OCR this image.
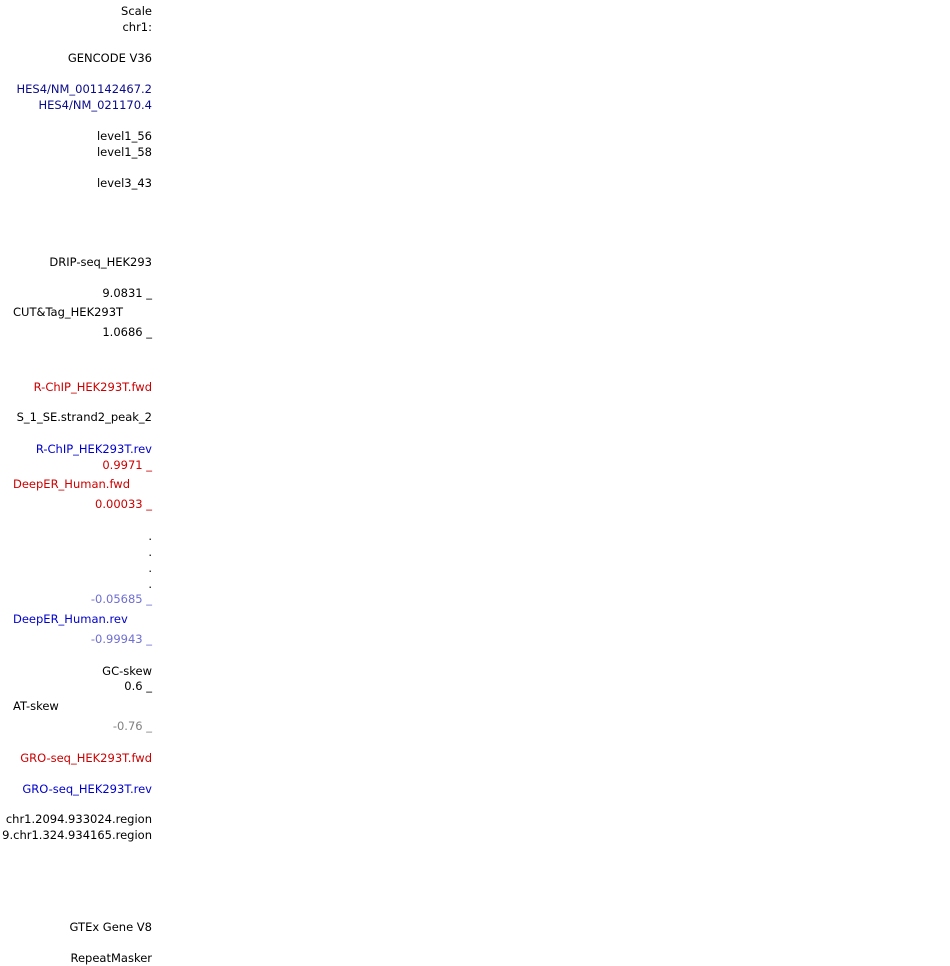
Scale
chr1:
GENCODE V36
HES4/NM_001142467.2
HES4/NM_021170.4
level1_56
level1_58
level3_43
DRIP-seq_HEK293
9.0831 _
CUT&Tag_HEK293T
1.0686 _
R-ChIP_HEK293T.fwd
S_1_SE.strand2_peak_2
R-ChIP_HEK293T.rev
0.9971 _
DeepER_Human.fwd
0.00033 _
.
.
.
.
-0.05685 _
DeepER_Human.rev
-0.99943 _
GC-skew
0.6 _
AT-skew
-0.76 _
GRO-seq_HEK293T.fwd
GRO-seq_HEK293T.rev
chr1.2094.933024.region
9.chr1.324.934165.region
GTEx Gene V8
RepeatMasker
